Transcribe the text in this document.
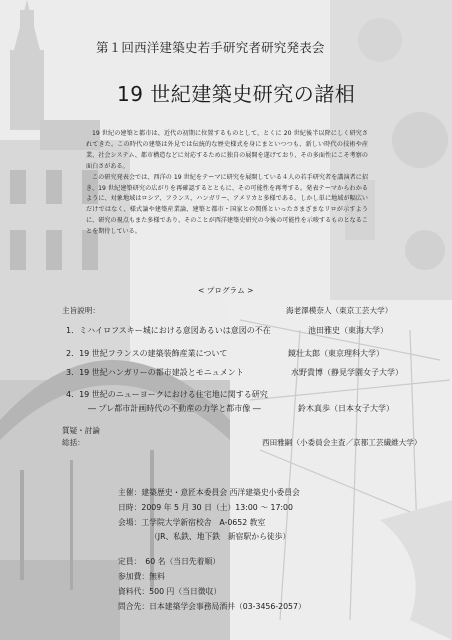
第１回西洋建築史若手研究者研究発表会
19 世紀建築史研究の諸相

19 世紀の建築と都市は、近代の初期に位置するものとして、とくに 20 世紀後半以降にしく研究されてきた。この時代の建築は外見では伝統的な歴史様式を身にまといつつも、新しい時代の技術や産業、社会システム、都市構造などに対応するために独自の展開を遂げており、その多面性にこそ考察の面白さがある。

この研究発表会では、西洋の 19 世紀をテーマに研究を展開している４人の若手研究者を講演者に招き、19 世紀建築研究の広がりを再確認するとともに、その可能性を再考する。発表テーマからわかるように、対象地域はロシア、フランス、ハンガリー、アメリカと多様である。しかし単に地域が幅広いだけではなく、様式論や建築産業論、建築と都市・国家との関係といったさまざまなリロが示すように、研究の視点もまた多様であり、そのことが西洋建築史研究の今後の可能性を示唆するものとなることを期待している。

< プログラム >
主旨説明：	海老澤模奈人（東京工芸大学）
1．ミハイロフスキー城における意図あるいは意図の不在	池田雅史（東海大学）
2．19 世紀フランスの建築装飾産業について	鏡壮太郎（東京理科大学）
3．19 世紀ハンガリーの都市建設とモニュメント	水野貴博（静見学園女子大学）
4．19 世紀のニューヨークにおける住宅地に関する研究
― プレ都市計画時代の不動産の力学と都市像 ―	鈴木真歩（日本女子大学）
質疑・討論
総括：	西田雅嗣（小委員会主査／京都工芸繊維大学）
主催：建築歴史・意匠本委員会 西洋建築史小委員会
日時：2009 年 5 月 30 日（土）13:00 ～ 17:00
会場：工学院大学新宿校舎　A-0652 教室
（JR、私鉄、地下鉄　新宿駅から徒歩）
定員：　60 名（当日先着順）
参加費：無料
資料代：500 円（当日徴収）
問合先：日本建築学会事務局酒井（03-3456-2057）
